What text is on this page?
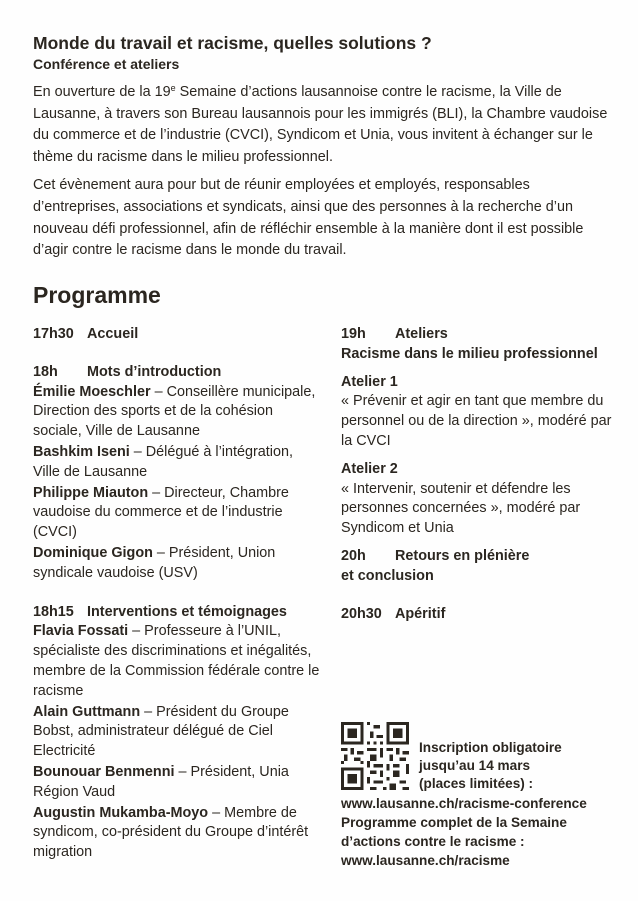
Monde du travail et racisme, quelles solutions ?
Conférence et ateliers

En ouverture de la 19e Semaine d’actions lausannoise contre le racisme, la Ville de Lausanne, à travers son Bureau lausannois pour les immigrés (BLI), la Chambre vaudoise du commerce et de l’industrie (CVCI), Syndicom et Unia, vous invitent à échanger sur le thème du racisme dans le milieu professionnel.

Cet évènement aura pour but de réunir employées et employés, responsables d’entreprises, associations et syndicats, ainsi que des personnes à la recherche d’un nouveau défi professionnel, afin de réfléchir ensemble à la manière dont il est possible d’agir contre le racisme dans le monde du travail.

Programme
17h30 Accueil
18h Mots d’introduction
Émilie Moeschler – Conseillère municipale, Direction des sports et de la cohésion sociale, Ville de Lausanne
Bashkim Iseni – Délégué à l’intégration, Ville de Lausanne
Philippe Miauton – Directeur, Chambre vaudoise du commerce et de l’industrie (CVCI)
Dominique Gigon – Président, Union syndicale vaudoise (USV)
18h15 Interventions et témoignages
Flavia Fossati – Professeure à l’UNIL, spécialiste des discriminations et inégalités, membre de la Commission fédérale contre le racisme
Alain Guttmann – Président du Groupe Bobst, administrateur délégué de Ciel Electricité
Bounouar Benmenni – Président, Unia Région Vaud
Augustin Mukamba-Moyo – Membre de syndicom, co-président du Groupe d’intérêt migration
19h Ateliers
Racisme dans le milieu professionnel
Atelier 1
« Prévenir et agir en tant que membre du personnel ou de la direction », modéré par la CVCI
Atelier 2
« Intervenir, soutenir et défendre les personnes concernées », modéré par Syndicom et Unia
20h Retours en plénière
et conclusion
20h30 Apéritif
Inscription obligatoire
jusqu’au 14 mars
(places limitées) :
www.lausanne.ch/racisme-conference
Programme complet de la Semaine
d’actions contre le racisme :
www.lausanne.ch/racisme
